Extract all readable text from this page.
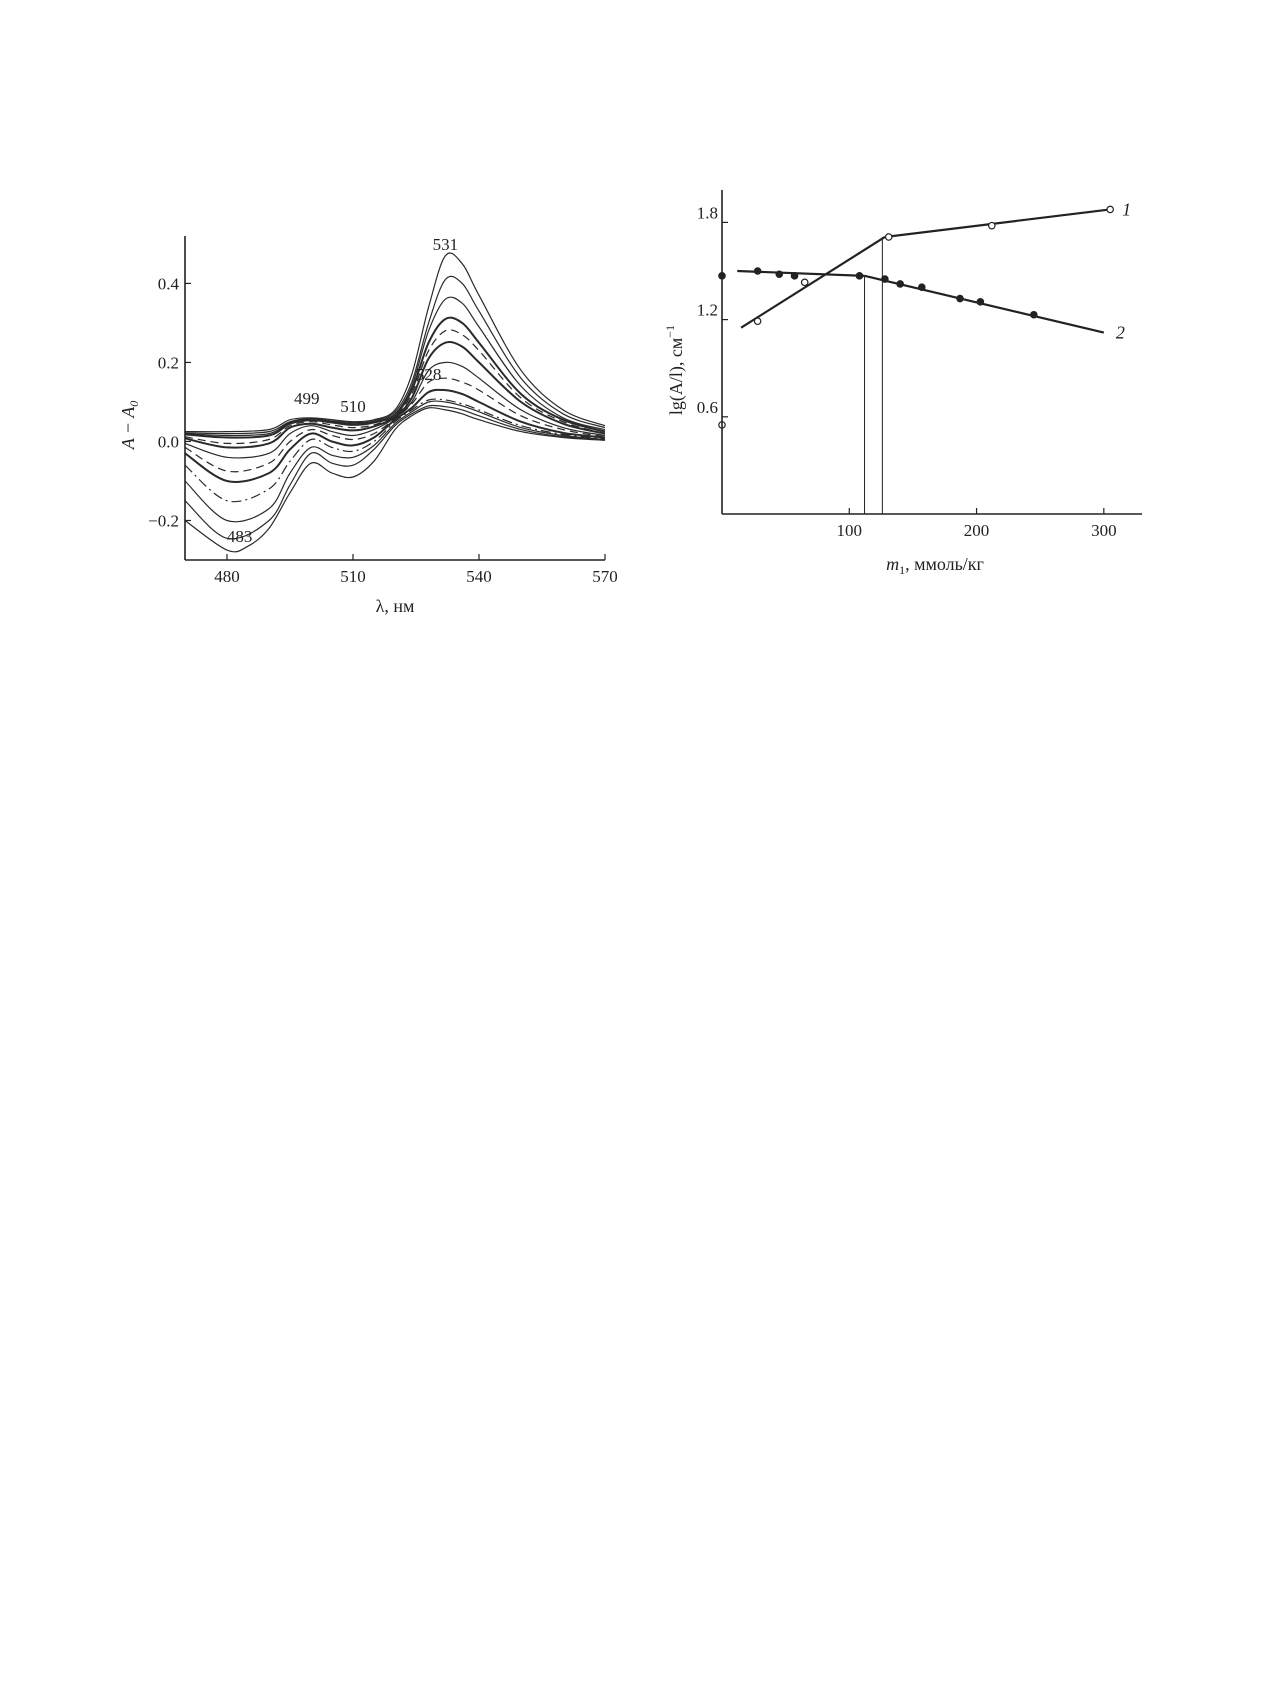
480	510	540	570
−0.2
0.0
0.2
0.4
531
499 510
528
483
λ, нм
$A - A_0$
100	200	300
0.6
1.2
1.8	1
2
$m_1$, ммоль/кг
lg(A/l), $см^{-1}$
